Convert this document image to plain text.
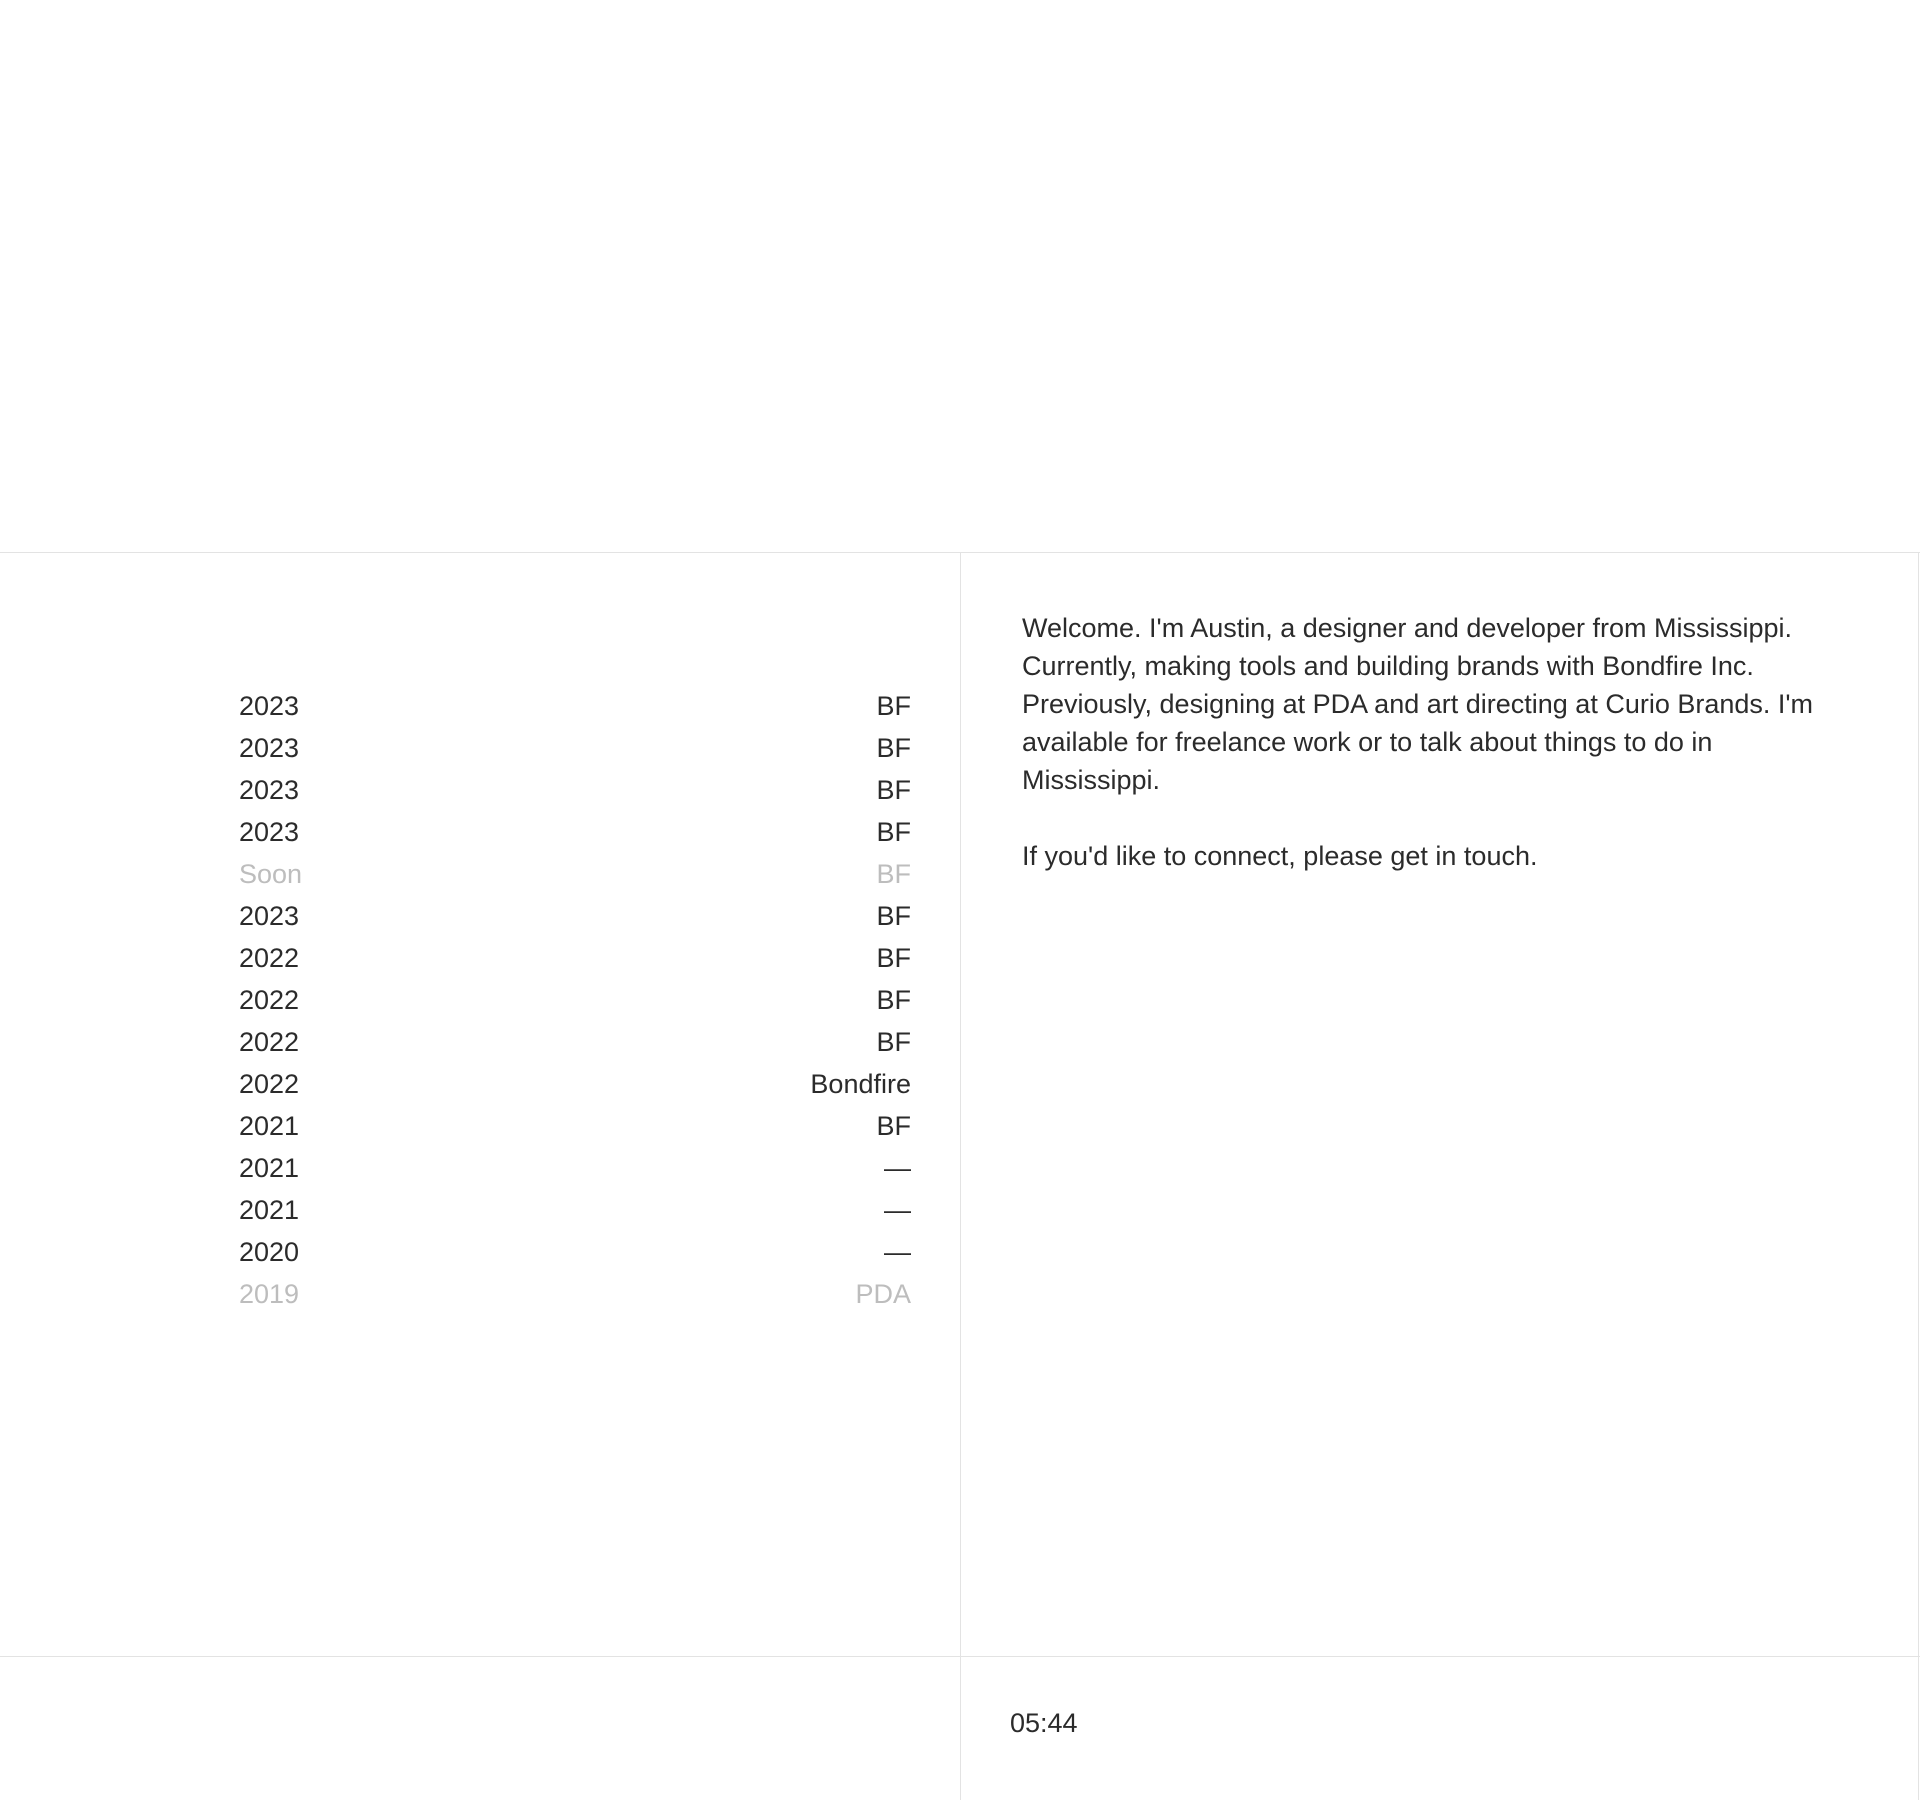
2023	BF
2023	BF
2023	BF
2023	BF
Soon	BF
2023	BF
2022	BF
2022	BF
2022	BF
2022	Bondfire
2021	BF
2021	—
2021	—
2020	—
2019	PDA

Welcome. I'm Austin, a designer and developer from Mississippi. Currently, making tools and building brands with Bondfire Inc. Previously, designing at PDA and art directing at Curio Brands. I'm available for freelance work or to talk about things to do in Mississippi.

If you'd like to connect, please get in touch.

05:44
